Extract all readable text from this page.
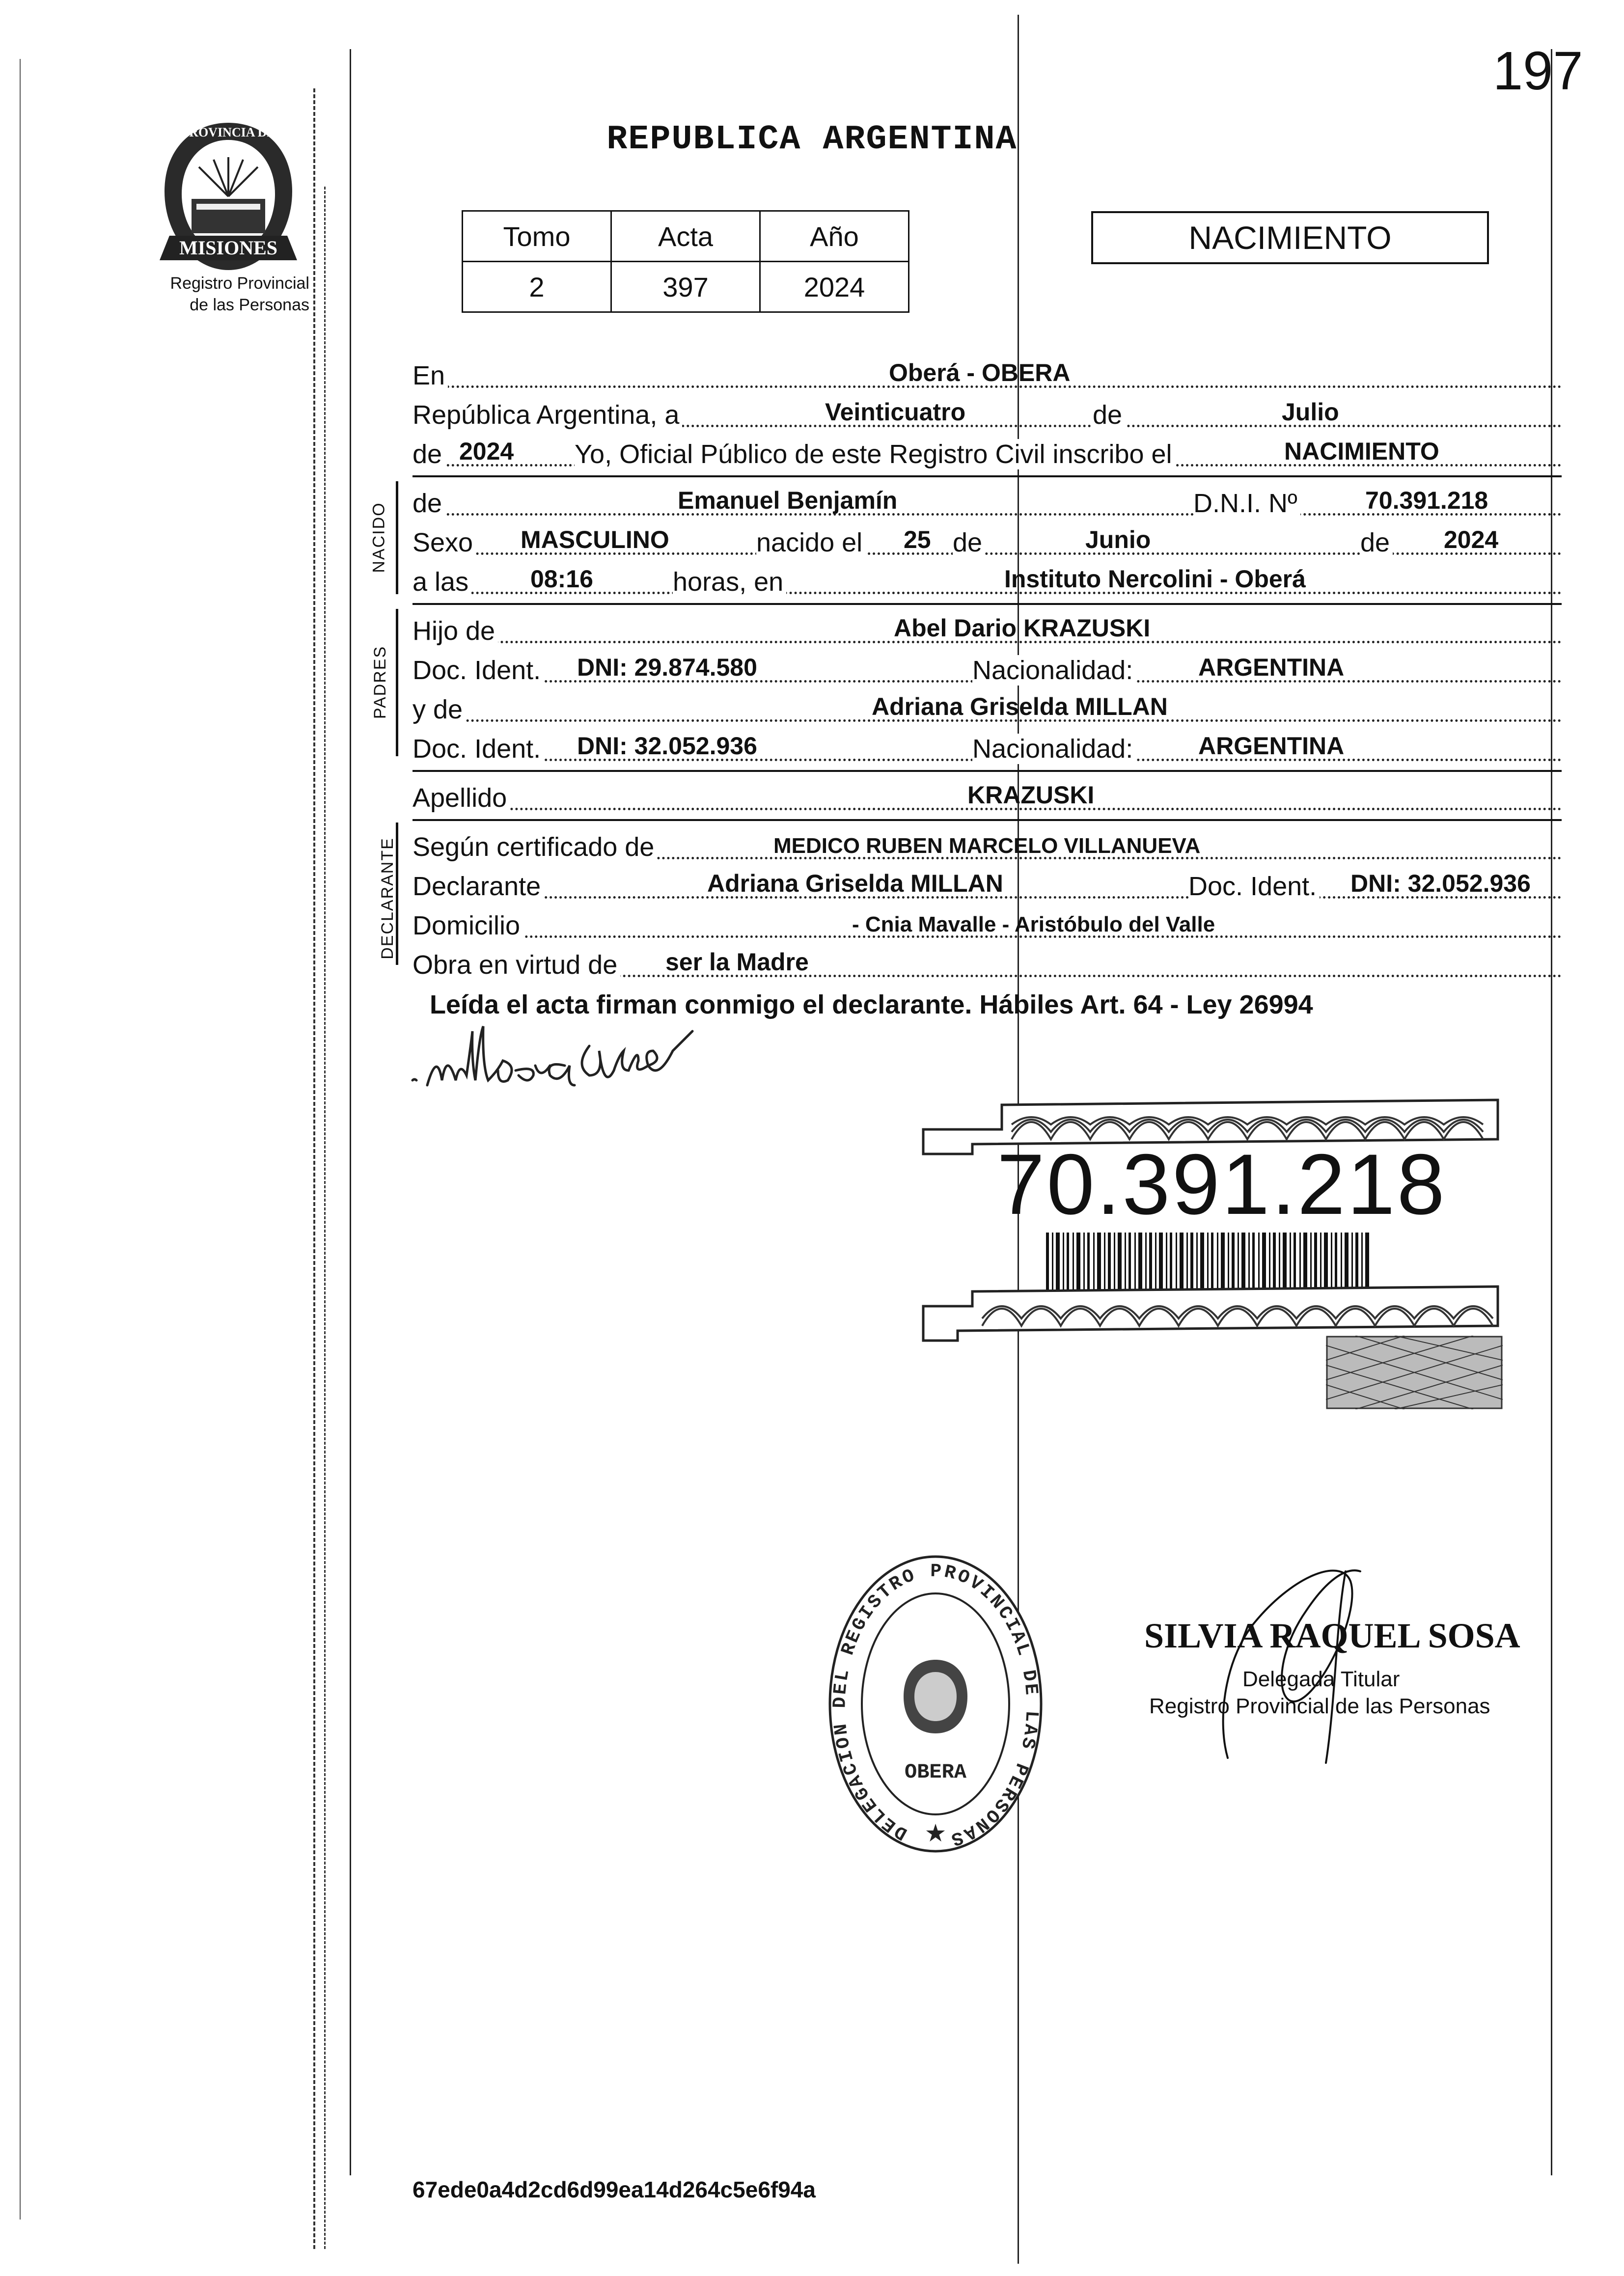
197
MISIONES
PROVINCIA DE
Registro Provincial
de las Personas
REPUBLICA ARGENTINA
Tomo	Acta	Año
2	397	2024
NACIMIENTO
NACIDO
PADRES
DECLARANTE
En	Oberá - OBERA
República Argentina, a	Veinticuatro	de	Julio
de 2024 Yo, Oficial Público de este Registro Civil inscribo el	NACIMIENTO
de	Emanuel Benjamín	D.N.I. Nº	70.391.218
Sexo MASCULINO	nacido el 25 de	Junio	de 2024
a las	08:16	horas, en	Instituto Nercolini - Oberá
Hijo de	Abel Dario KRAZUSKI
Doc. Ident. DNI: 29.874.580	Nacionalidad:	ARGENTINA
y de	Adriana Griselda MILLAN
Doc. Ident. DNI: 32.052.936	Nacionalidad:	ARGENTINA
Apellido	KRAZUSKI
Según certificado de	MEDICO RUBEN MARCELO VILLANUEVA
Declarante	Adriana Griselda MILLAN	Doc. Ident. DNI: 32.052.936
Domicilio	- Cnia Mavalle - Aristóbulo del Valle
Obra en virtud de ser la Madre
Leída el acta firman conmigo el declarante. Hábiles Art. 64 - Ley 26994
70.391.218
DELEGACION DEL REGISTRO PROVINCIAL DE LAS PERSONAS
OBERA
★
SILVIA RAQUEL SOSA
Delegada Titular
Registro Provincial de las Personas
67ede0a4d2cd6d99ea14d264c5e6f94a
